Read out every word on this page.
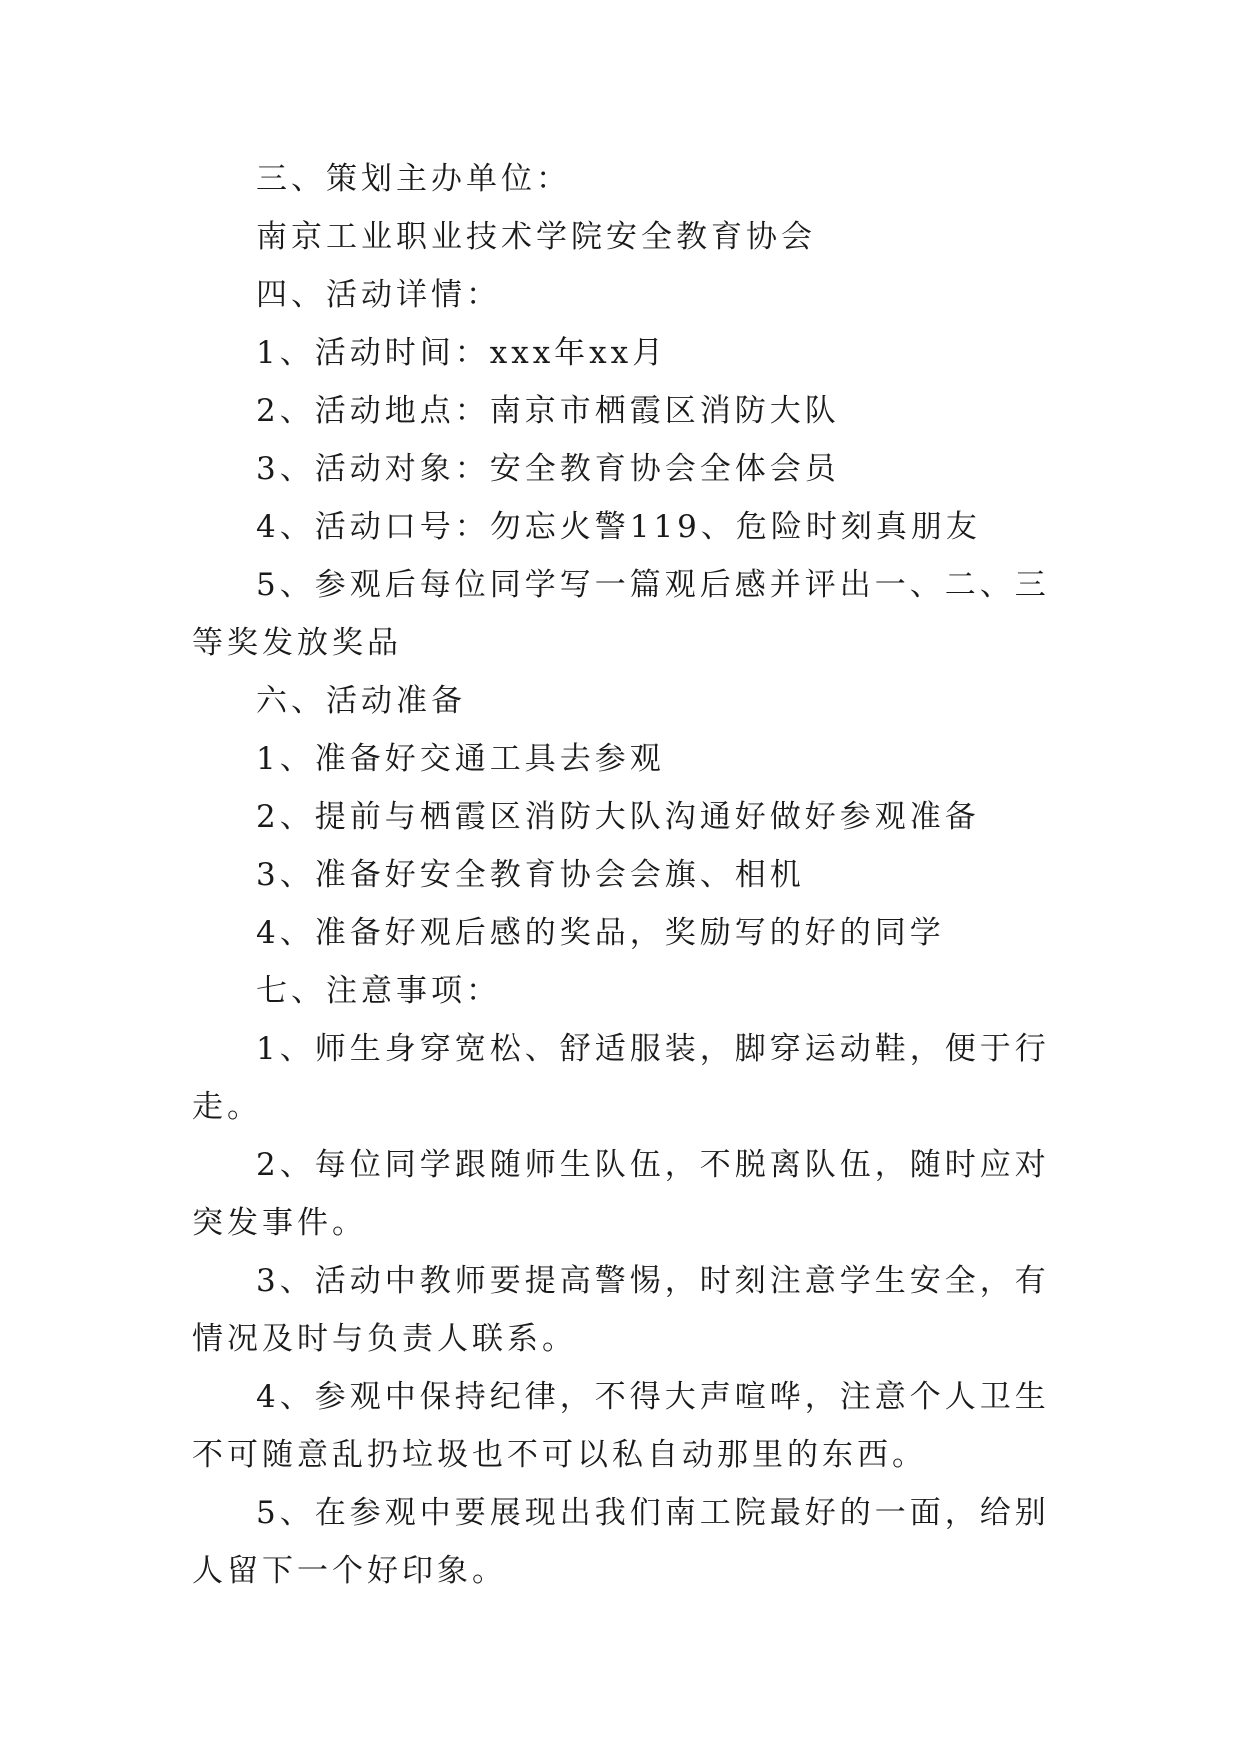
三、策划主办单位：

南京工业职业技术学院安全教育协会

四、活动详情：

1、活动时间：xxx年xx月

2、活动地点：南京市栖霞区消防大队

3、活动对象：安全教育协会全体会员

4、活动口号：勿忘火警119、危险时刻真朋友

5、参观后每位同学写一篇观后感并评出一、二、三等奖发放奖品

六、活动准备

1、准备好交通工具去参观

2、提前与栖霞区消防大队沟通好做好参观准备

3、准备好安全教育协会会旗、相机

4、准备好观后感的奖品，奖励写的好的同学

七、注意事项：

1、师生身穿宽松、舒适服装，脚穿运动鞋，便于行走。

2、每位同学跟随师生队伍，不脱离队伍，随时应对突发事件。

3、活动中教师要提高警惕，时刻注意学生安全，有情况及时与负责人联系。

4、参观中保持纪律，不得大声喧哗，注意个人卫生不可随意乱扔垃圾也不可以私自动那里的东西。

5、在参观中要展现出我们南工院最好的一面，给别人留下一个好印象。
